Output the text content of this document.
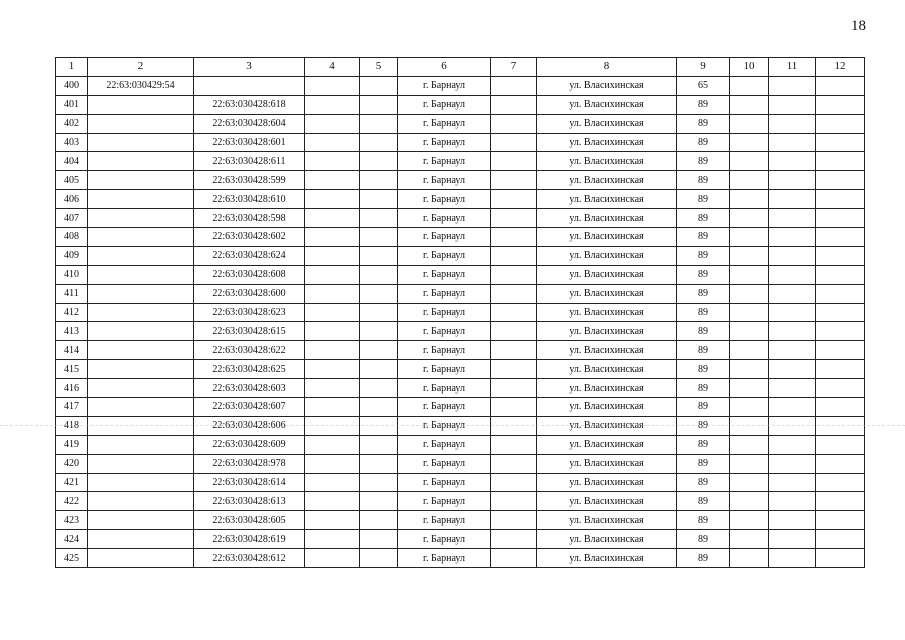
18
1	2	3	4	5	6	7	8	9	10	11	12
400	22:63:030429:54				г. Барнаул		ул. Власихинская	65			
401		22:63:030428:618			г. Барнаул		ул. Власихинская	89			
402		22:63:030428:604			г. Барнаул		ул. Власихинская	89			
403		22:63:030428:601			г. Барнаул		ул. Власихинская	89			
404		22:63:030428:611			г. Барнаул		ул. Власихинская	89			
405		22:63:030428:599			г. Барнаул		ул. Власихинская	89			
406		22:63:030428:610			г. Барнаул		ул. Власихинская	89			
407		22:63:030428:598			г. Барнаул		ул. Власихинская	89			
408		22:63:030428:602			г. Барнаул		ул. Власихинская	89			
409		22:63:030428:624			г. Барнаул		ул. Власихинская	89			
410		22:63:030428:608			г. Барнаул		ул. Власихинская	89			
411		22:63:030428:600			г. Барнаул		ул. Власихинская	89			
412		22:63:030428:623			г. Барнаул		ул. Власихинская	89			
413		22:63:030428:615			г. Барнаул		ул. Власихинская	89			
414		22:63:030428:622			г. Барнаул		ул. Власихинская	89			
415		22:63:030428:625			г. Барнаул		ул. Власихинская	89			
416		22:63:030428:603			г. Барнаул		ул. Власихинская	89			
417		22:63:030428:607			г. Барнаул		ул. Власихинская	89			
418		22:63:030428:606			г. Барнаул		ул. Власихинская	89			
419		22:63:030428:609			г. Барнаул		ул. Власихинская	89			
420		22:63:030428:978			г. Барнаул		ул. Власихинская	89			
421		22:63:030428:614			г. Барнаул		ул. Власихинская	89			
422		22:63:030428:613			г. Барнаул		ул. Власихинская	89			
423		22:63:030428:605			г. Барнаул		ул. Власихинская	89			
424		22:63:030428:619			г. Барнаул		ул. Власихинская	89			
425		22:63:030428:612			г. Барнаул		ул. Власихинская	89			
